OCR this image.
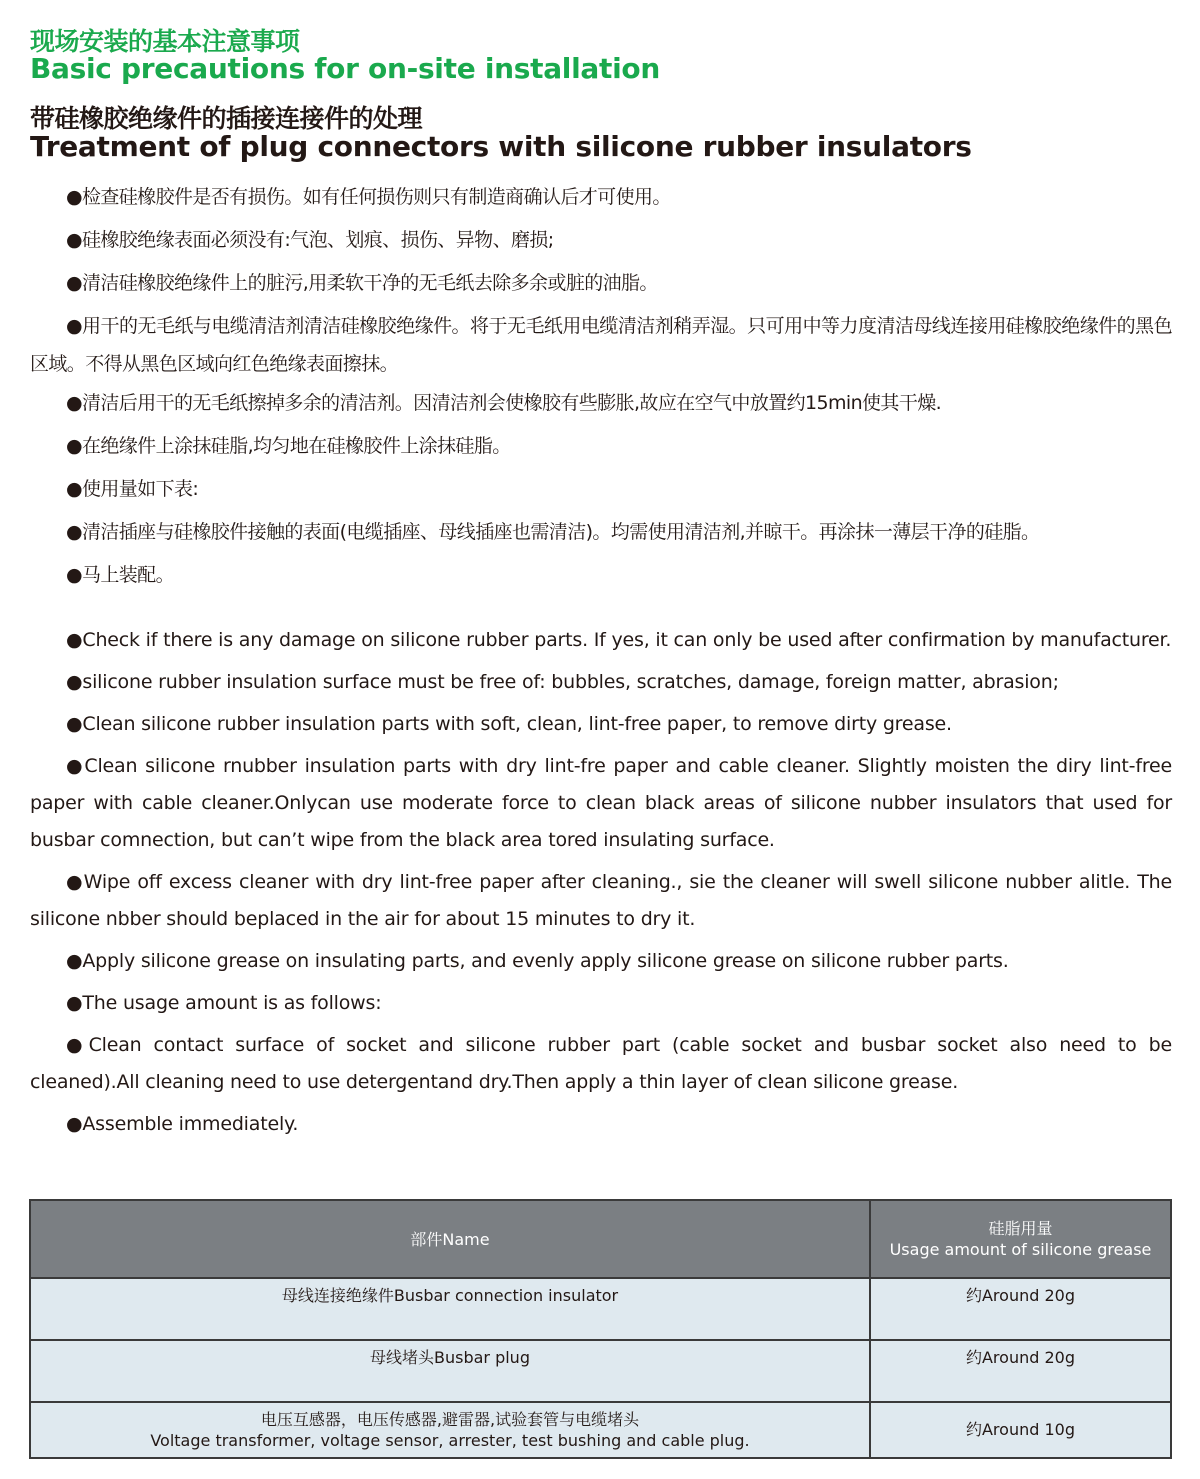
现场安装的基本注意事项
Basic precautions for on-site installation
带硅橡胶绝缘件的插接连接件的处理
Treatment of plug connectors with silicone rubber insulators

●检查硅橡胶件是否有损伤。如有任何损伤则只有制造商确认后才可使用。

●硅橡胶绝缘表面必须没有:气泡、划痕、损伤、异物、磨损;

●清洁硅橡胶绝缘件上的脏污,用柔软干净的无毛纸去除多余或脏的油脂。

●用干的无毛纸与电缆清洁剂清洁硅橡胶绝缘件。将于无毛纸用电缆清洁剂稍弄湿。只可用中等力度清洁母线连接用硅橡胶绝缘件的黑色区域。不得从黑色区域向红色绝缘表面擦抹。

●清洁后用干的无毛纸擦掉多余的清洁剂。因清洁剂会使橡胶有些膨胀,故应在空气中放置约15min使其干燥.

●在绝缘件上涂抹硅脂,均匀地在硅橡胶件上涂抹硅脂。

●使用量如下表:

●清洁插座与硅橡胶件接触的表面(电缆插座、母线插座也需清洁)。均需使用清洁剂,并晾干。再涂抹一薄层干净的硅脂。

●马上装配。

●Check if there is any damage on silicone rubber parts. If yes, it can only be used after confirmation by manufacturer.

●silicone rubber insulation surface must be free of: bubbles, scratches, damage, foreign matter, abrasion;

●Clean silicone rubber insulation parts with soft, clean, lint-free paper, to remove dirty grease.

●Clean silicone rnubber insulation parts with dry lint-fre paper and cable cleaner. Slightly moisten the diry lint-free paper with cable cleaner.Onlycan use moderate force to clean black areas of silicone nubber insulators that used for busbar comnection, but can’t wipe from the black area tored insulating surface.

●Wipe off excess cleaner with dry lint-free paper after cleaning., sie the cleaner will swell silicone nubber alitle. The silicone nbber should beplaced in the air for about 15 minutes to dry it.

●Apply silicone grease on insulating parts, and evenly apply silicone grease on silicone rubber parts.

●The usage amount is as follows:

●Clean contact surface of socket and silicone rubber part (cable socket and busbar socket also need to be cleaned).All cleaning need to use detergentand dry.Then apply a thin layer of clean silicone grease.

●Assemble immediately.

部件Name	硅脂用量
Usage amount of silicone grease

母线连接绝缘件Busbar connection insulator	约Around 20g

母线堵头Busbar plug	约Around 20g

电压互感器，电压传感器,避雷器,试验套管与电缆堵头
Voltage transformer, voltage sensor, arrester, test bushing and cable plug.	约Around 10g
